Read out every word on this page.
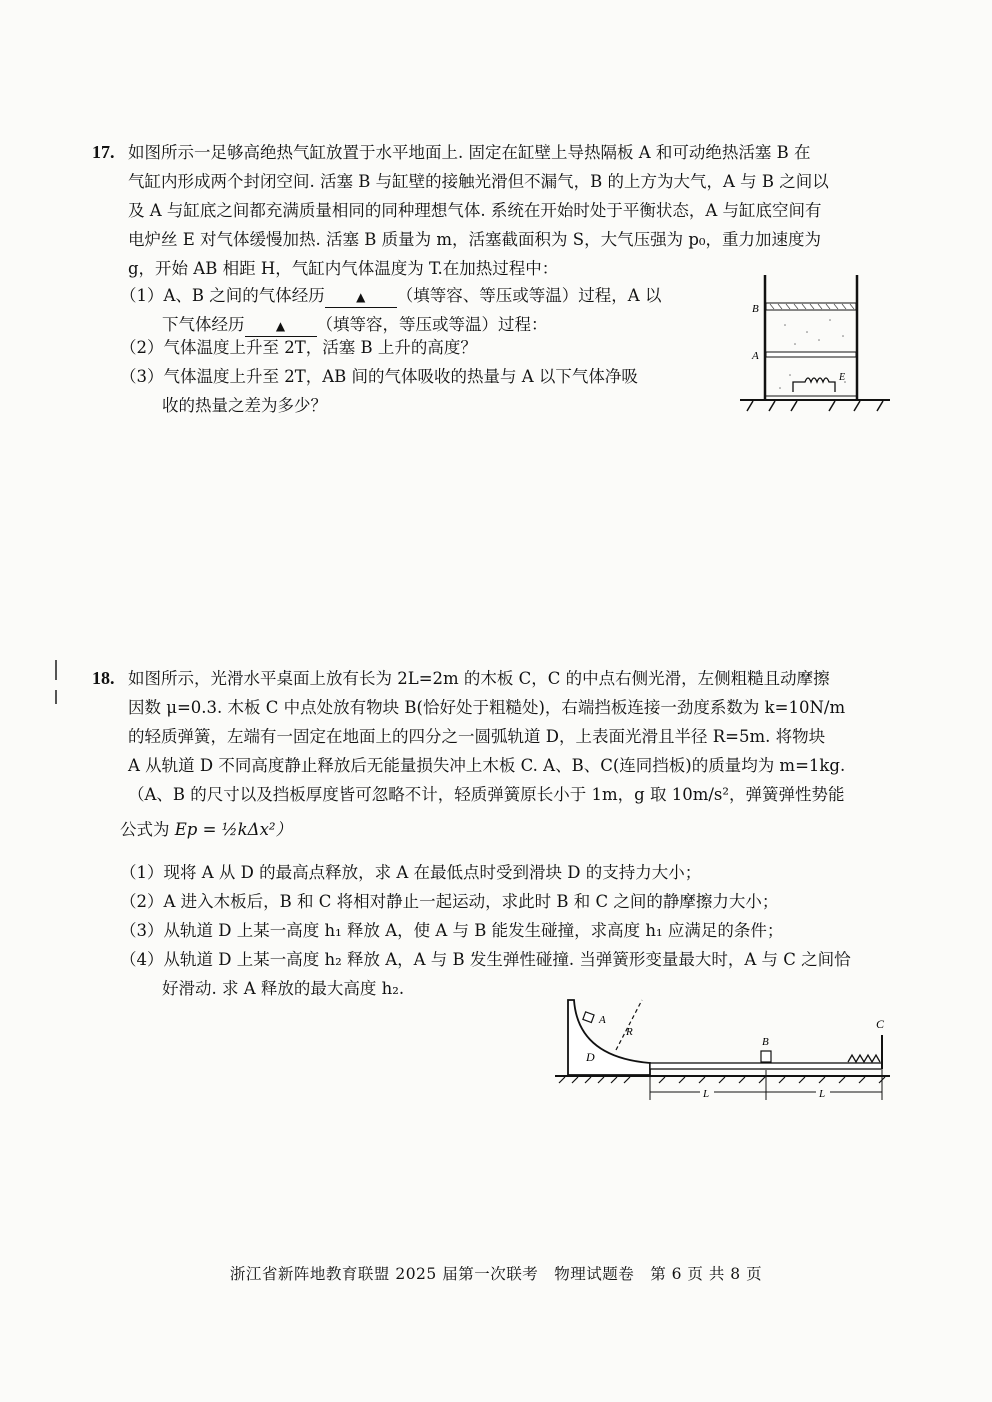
17. 如图所示一足够高绝热气缸放置于水平地面上. 固定在缸壁上导热隔板 A 和可动绝热活塞 B 在
气缸内形成两个封闭空间. 活塞 B 与缸壁的接触光滑但不漏气，B 的上方为大气，A 与 B 之间以
及 A 与缸底之间都充满质量相同的同种理想气体. 系统在开始时处于平衡状态，A 与缸底空间有
电炉丝 E 对气体缓慢加热. 活塞 B 质量为 m，活塞截面积为 S，大气压强为 p₀，重力加速度为
g，开始 AB 相距 H，气缸内气体温度为 T.在加热过程中：
（1）A、B 之间的气体经历	▲ （填等容、等压或等温）过程，A 以
下气体经历	▲ （填等容，等压或等温）过程：
（2）气体温度上升至 2T，活塞 B 上升的高度？
（3）气体温度上升至 2T，AB 间的气体吸收的热量与 A 以下气体净吸
收的热量之差为多少？
B
A
E
18. 如图所示，光滑水平桌面上放有长为 2L=2m 的木板 C，C 的中点右侧光滑，左侧粗糙且动摩擦
因数 μ=0.3. 木板 C 中点处放有物块 B(恰好处于粗糙处)，右端挡板连接一劲度系数为 k=10N/m
的轻质弹簧，左端有一固定在地面上的四分之一圆弧轨道 D，上表面光滑且半径 R=5m. 将物块
A 从轨道 D 不同高度静止释放后无能量损失冲上木板 C. A、B、C(连同挡板)的质量均为 m=1kg.
（A、B 的尺寸以及挡板厚度皆可忽略不计，轻质弹簧原长小于 1m，g 取 10m/s²，弹簧弹性势能
公式为 Ep = ½kΔx²）
（1）现将 A 从 D 的最高点释放，求 A 在最低点时受到滑块 D 的支持力大小；
（2）A 进入木板后，B 和 C 将相对静止一起运动，求此时 B 和 C 之间的静摩擦力大小；
（3）从轨道 D 上某一高度 h₁ 释放 A，使 A 与 B 能发生碰撞，求高度 h₁ 应满足的条件；
（4）从轨道 D 上某一高度 h₂ 释放 A，A 与 B 发生弹性碰撞. 当弹簧形变量最大时，A 与 C 之间恰
好滑动. 求 A 释放的最大高度 h₂.
D
A
R
C
B
L	L
浙江省新阵地教育联盟 2025 届第一次联考　物理试题卷　第 6 页 共 8 页
